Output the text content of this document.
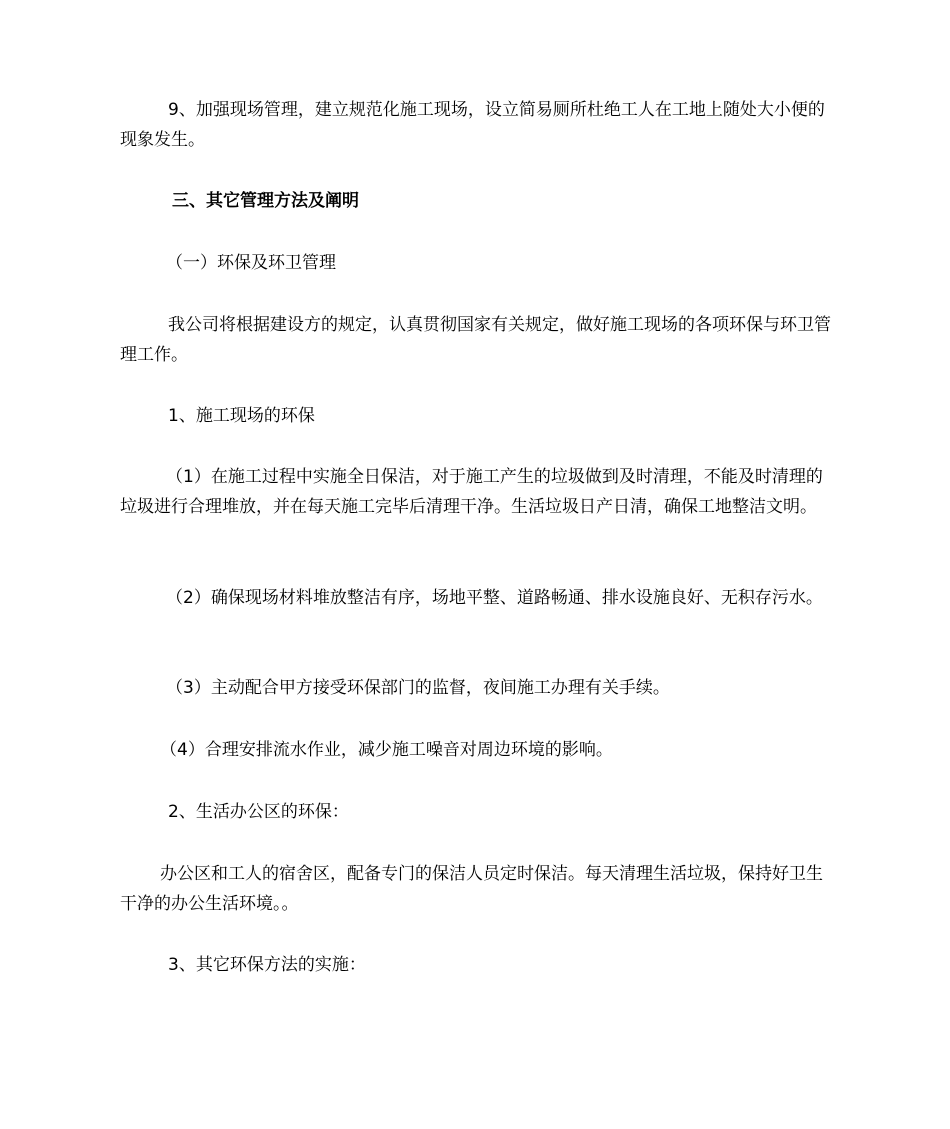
9、加强现场管理，建立规范化施工现场，设立简易厕所杜绝工人在工地上随处大小便的现象发生。

三、其它管理方法及阐明

（一）环保及环卫管理

我公司将根据建设方的规定，认真贯彻国家有关规定，做好施工现场的各项环保与环卫管理工作。

1、施工现场的环保

（1）在施工过程中实施全日保洁，对于施工产生的垃圾做到及时清理，不能及时清理的垃圾进行合理堆放，并在每天施工完毕后清理干净。生活垃圾日产日清，确保工地整洁文明。

（2）确保现场材料堆放整洁有序，场地平整、道路畅通、排水设施良好、无积存污水。

（3）主动配合甲方接受环保部门的监督，夜间施工办理有关手续。

（4）合理安排流水作业，减少施工噪音对周边环境的影响。

2、生活办公区的环保：

办公区和工人的宿舍区，配备专门的保洁人员定时保洁。每天清理生活垃圾，保持好卫生干净的办公生活环境。。

3、其它环保方法的实施：
